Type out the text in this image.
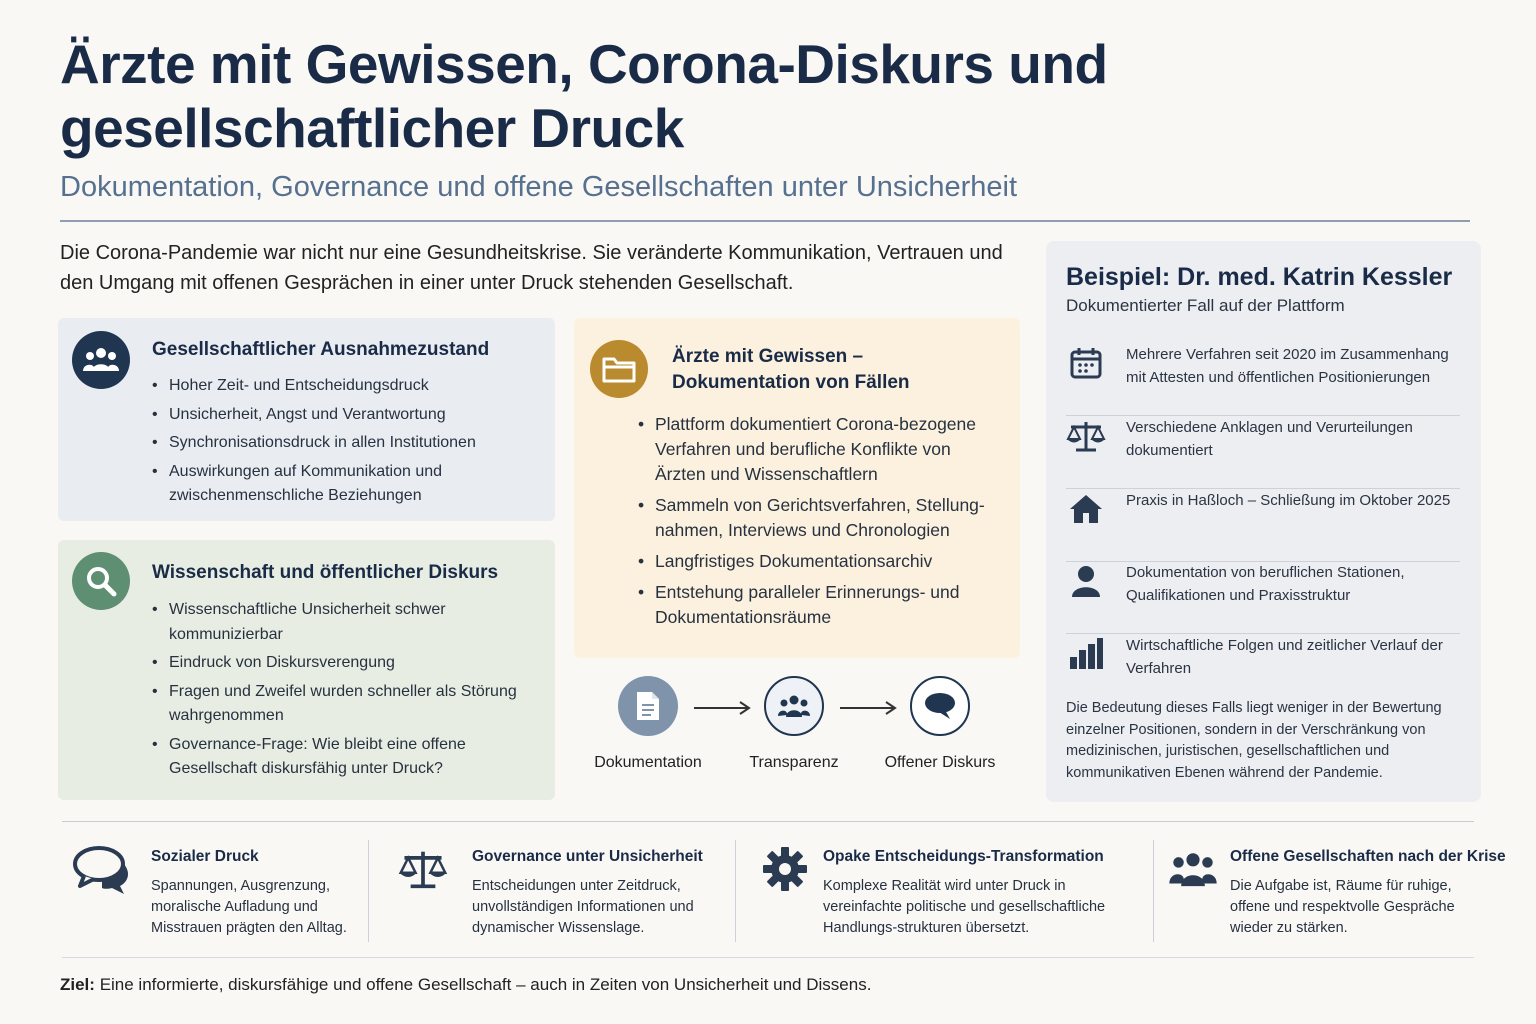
Ärzte mit Gewissen, Corona-Diskurs und gesellschaftlicher Druck
Dokumentation, Governance und offene Gesellschaften unter Unsicherheit

Die Corona-Pandemie war nicht nur eine Gesundheitskrise. Sie veränderte Kommunikation, Vertrauen und den Umgang mit offenen Gesprächen in einer unter Druck stehenden Gesellschaft.

Gesellschaftlicher Ausnahmezustand
• Hoher Zeit- und Entscheidungsdruck
• Unsicherheit, Angst und Verantwortung
• Synchronisationsdruck in allen Institutionen
• Auswirkungen auf Kommunikation und zwischenmenschliche Beziehungen
Wissenschaft und öffentlicher Diskurs
• Wissenschaftliche Unsicherheit schwer kommunizierbar
• Eindruck von Diskursverengung
• Fragen und Zweifel wurden schneller als Störung wahrgenommen
• Governance-Frage: Wie bleibt eine offene Gesellschaft diskursfähig unter Druck?
Ärzte mit Gewissen – Dokumentation von Fällen
• Plattform dokumentiert Corona-bezogene Verfahren und berufliche Konflikte von Ärzten und Wissenschaftlern
• Sammeln von Gerichtsverfahren, Stellung-nahmen, Interviews und Chronologien
• Langfristiges Dokumentationsarchiv
• Entstehung paralleler Erinnerungs- und Dokumentationsräume
Dokumentation	Transparenz	Offener Diskurs
Beispiel: Dr. med. Katrin Kessler
Dokumentierter Fall auf der Plattform
Mehrere Verfahren seit 2020 im Zusammenhang mit Attesten und öffentlichen Positionierungen
Verschiedene Anklagen und Verurteilungen dokumentiert
Praxis in Haßloch – Schließung im Oktober 2025
Dokumentation von beruflichen Stationen, Qualifikationen und Praxisstruktur
Wirtschaftliche Folgen und zeitlicher Verlauf der Verfahren

Die Bedeutung dieses Falls liegt weniger in der Bewertung einzelner Positionen, sondern in der Verschränkung von medizinischen, juristischen, gesellschaftlichen und kommunikativen Ebenen während der Pandemie.

Sozialer Druck
Spannungen, Ausgrenzung, moralische Aufladung und Misstrauen prägten den Alltag.
Governance unter Unsicherheit
Entscheidungen unter Zeitdruck, unvollständigen Informationen und dynamischer Wissenslage.
Opake Entscheidungs-Transformation
Komplexe Realität wird unter Druck in vereinfachte politische und gesellschaftliche Handlungs-strukturen übersetzt.
Offene Gesellschaften nach der Krise
Die Aufgabe ist, Räume für ruhige, offene und respektvolle Gespräche wieder zu stärken.
Ziel: Eine informierte, diskursfähige und offene Gesellschaft – auch in Zeiten von Unsicherheit und Dissens.
